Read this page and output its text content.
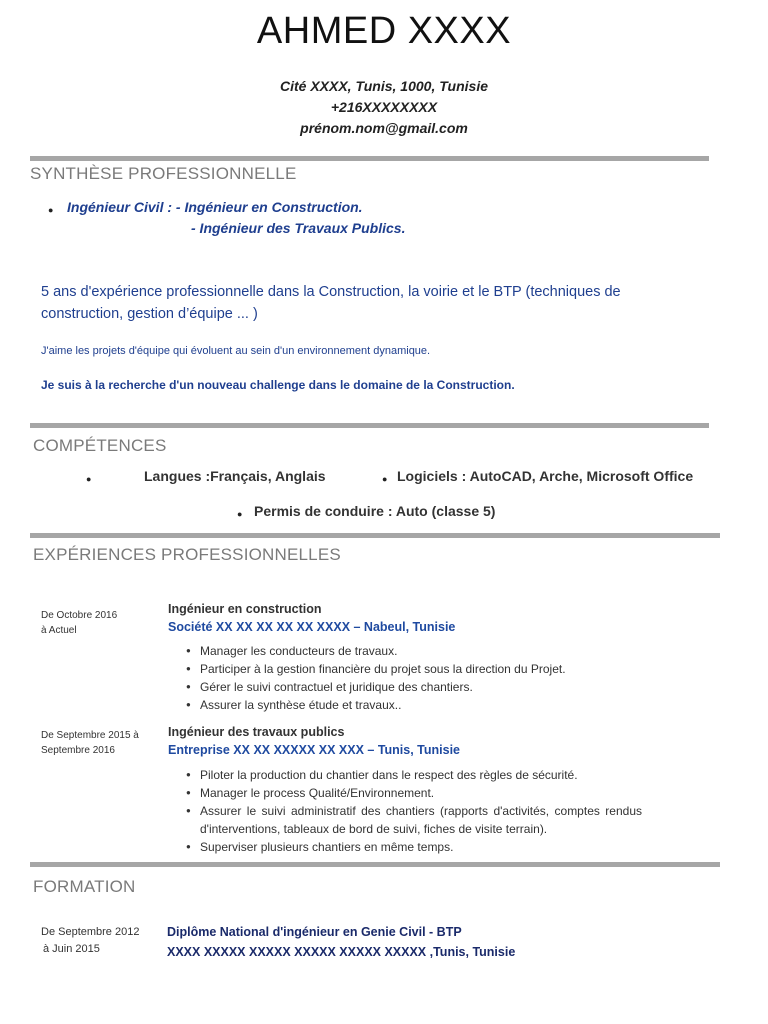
AHMED XXXX
Cité XXXX, Tunis, 1000, Tunisie
+216XXXXXXXX
prénom.nom@gmail.com
SYNTHÈSE PROFESSIONNELLE
● Ingénieur Civil : - Ingénieur en Construction.
- Ingénieur des Travaux Publics.
5 ans d'expérience professionnelle dans la Construction, la voirie et le BTP (techniques de
construction, gestion d’équipe ... )
J'aime les projets d'équipe qui évoluent au sein d'un environnement dynamique.
Je suis à la recherche d'un nouveau challenge dans le domaine de la Construction.
COMPÉTENCES
●	Langues :Français, Anglais	● Logiciels : AutoCAD, Arche, Microsoft Office
● Permis de conduire : Auto (classe 5)
EXPÉRIENCES PROFESSIONNELLES
De Octobre 2016
à Actuel
Ingénieur en construction
Société XX XX XX XX XX XXXX – Nabeul, Tunisie
● Manager les conducteurs de travaux.
● Participer à la gestion financière du projet sous la direction du Projet.
● Gérer le suivi contractuel et juridique des chantiers.
● Assurer la synthèse étude et travaux..
De Septembre 2015 à
Septembre 2016
Ingénieur des travaux publics
Entreprise XX XX XXXXX XX XXX – Tunis, Tunisie
● Piloter la production du chantier dans le respect des règles de sécurité.
● Manager le process Qualité/Environnement.
● Assurer le suivi administratif des chantiers (rapports d'activités, comptes rendus d'interventions, tableaux de bord de suivi, fiches de visite terrain).
● Superviser plusieurs chantiers en même temps.
FORMATION
De Septembre 2012
à Juin 2015
Diplôme National d'ingénieur en Genie Civil - BTP
XXXX XXXXX XXXXX XXXXX XXXXX XXXXX ,Tunis, Tunisie
